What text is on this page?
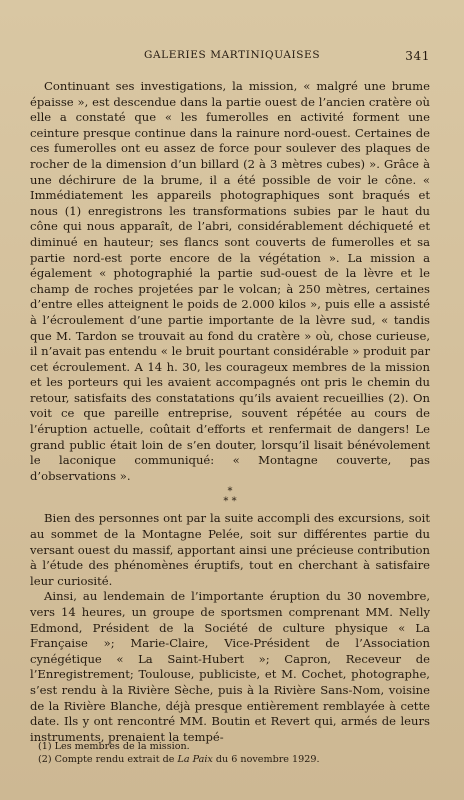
GALERIES MARTINIQUAISES	341

Continuant ses investigations, la mission, « malgré une brume épaisse », est descendue dans la partie ouest de l’ancien cratère où elle a constaté que « les fumerolles en activité forment une ceinture presque continue dans la rainure nord-ouest. Certaines de ces fumerolles ont eu assez de force pour soulever des plaques de rocher de la dimension d’un billard (2 à 3 mètres cubes) ». Grâce à une déchirure de la brume, il a été possible de voir le cône. « Immédiatement les appareils photographiques sont braqués et nous (1) enregistrons les transformations subies par le haut du cône qui nous apparaît, de l’abri, considérablement déchiqueté et diminué en hauteur; ses flancs sont couverts de fumerolles et sa partie nord-est porte encore de la végétation ». La mission a également « photographié la partie sud-ouest de la lèvre et le champ de roches projetées par le volcan; à 250 mètres, certaines d’entre elles atteignent le poids de 2.000 kilos », puis elle a assisté à l’écroulement d’une partie importante de la lèvre sud, « tandis que M. Tardon se trouvait au fond du cratère » où, chose curieuse, il n’avait pas entendu « le bruit pourtant considérable » produit par cet écroulement. A 14 h. 30, les courageux membres de la mission et les porteurs qui les avaient accompagnés ont pris le chemin du retour, satisfaits des constatations qu’ils avaient recueillies (2). On voit ce que pareille entreprise, souvent répétée au cours de l’éruption actuelle, coûtait d’efforts et renfermait de dangers! Le grand public était loin de s’en douter, lorsqu’il lisait bénévolement le laconique communiqué: « Montagne couverte, pas d’observations ».

*
* *

Bien des personnes ont par la suite accompli des excursions, soit au sommet de la Montagne Pelée, soit sur différentes partie du versant ouest du massif, apportant ainsi une précieuse contribution à l’étude des phénomènes éruptifs, tout en cherchant à satisfaire leur curiosité.

Ainsi, au lendemain de l’importante éruption du 30 novembre, vers 14 heures, un groupe de sportsmen comprenant MM. Nelly Edmond, Président de la Société de culture physique « La Française »; Marie-Claire, Vice-Président de l’Association cynégétique « La Saint-Hubert »; Capron, Receveur de l’Enregistrement; Toulouse, publiciste, et M. Cochet, photographe, s’est rendu à la Rivière Sèche, puis à la Rivière Sans-Nom, voisine de la Rivière Blanche, déjà presque entièrement remblayée à cette date. Ils y ont rencontré MM. Boutin et Revert qui, armés de leurs instruments, prenaient la tempé-

(1) Les membres de la mission.
(2) Compte rendu extrait de La Paix du 6 novembre 1929.
